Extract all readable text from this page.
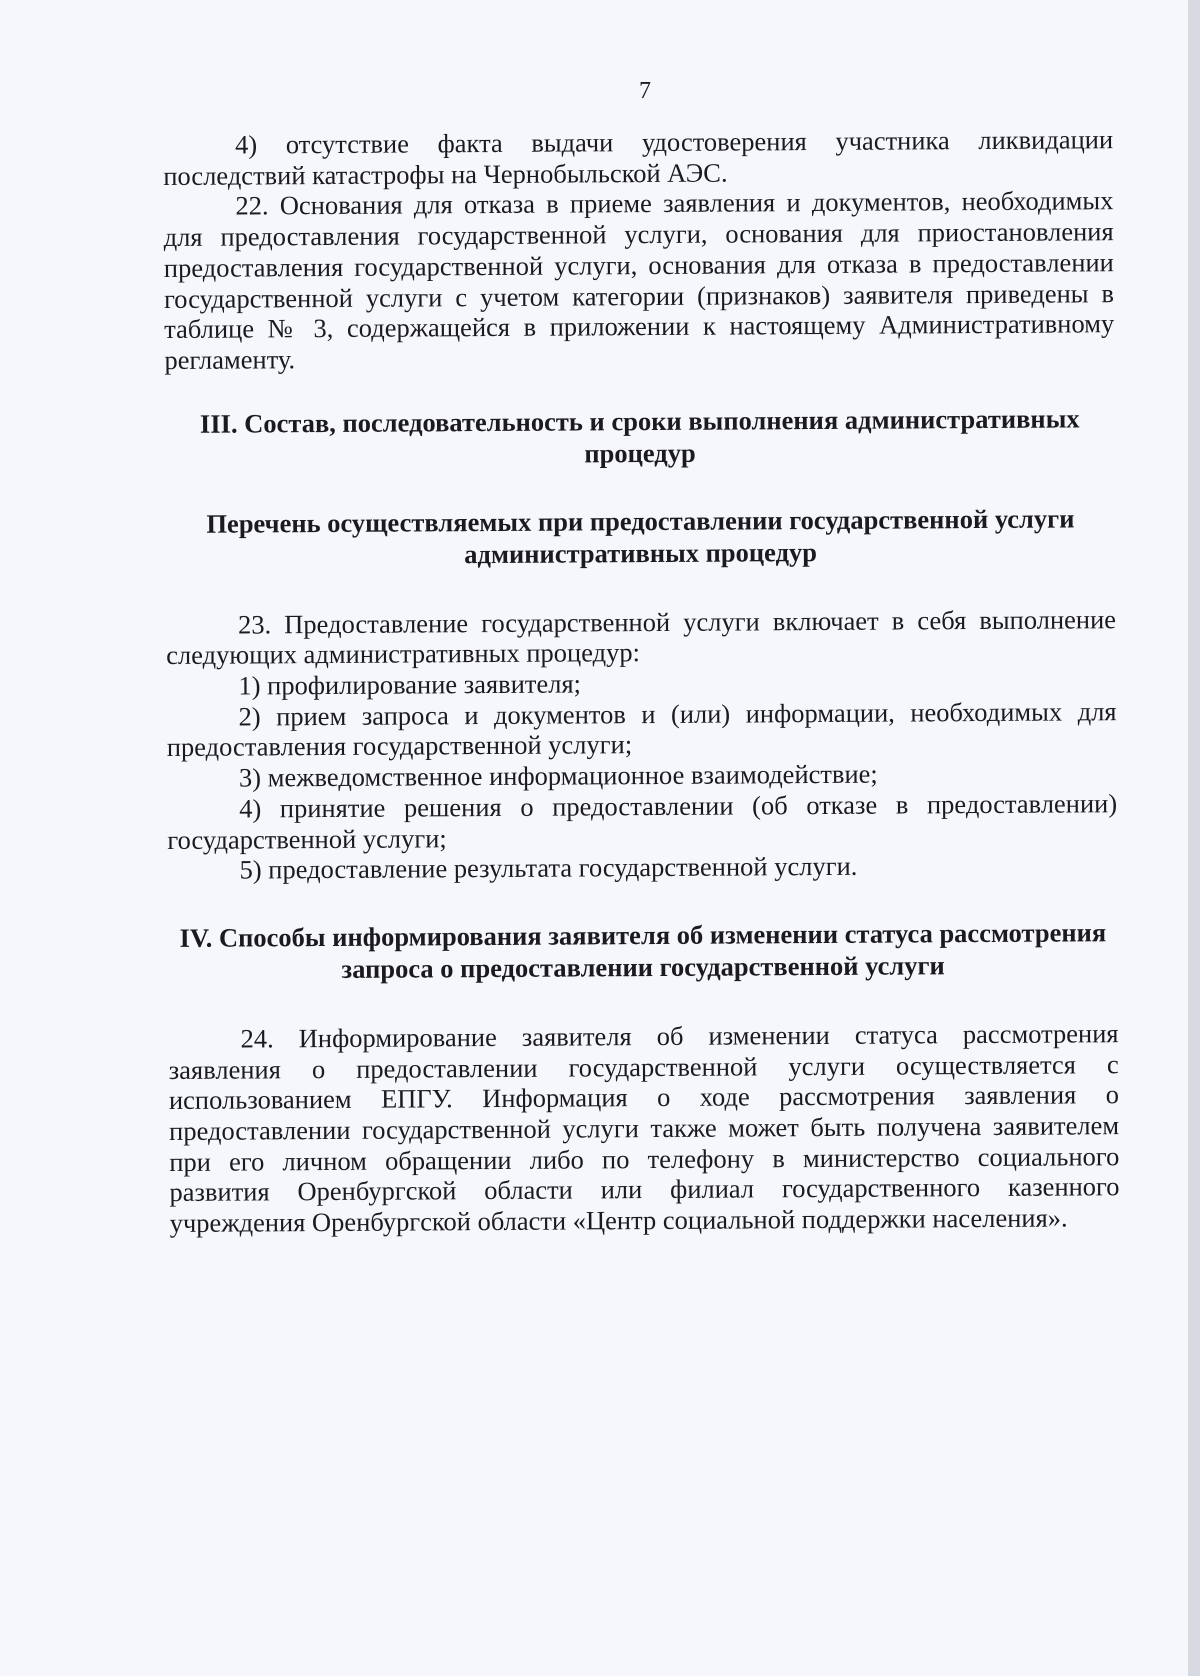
7

4) отсутствие факта выдачи удостоверения участника ликвидации последствий катастрофы на Чернобыльской АЭС.

22. Основания для отказа в приеме заявления и документов, необходимых для предоставления государственной услуги, основания для приостановления предоставления государственной услуги, основания для отказа в предоставлении государственной услуги с учетом категории (признаков) заявителя приведены в таблице № 3, содержащейся в приложении к настоящему Административному регламенту.

III. Состав, последовательность и сроки выполнения административных процедур

Перечень осуществляемых при предоставлении государственной услуги административных процедур

23. Предоставление государственной услуги включает в себя выполнение следующих административных процедур:

1) профилирование заявителя;

2) прием запроса и документов и (или) информации, необходимых для предоставления государственной услуги;

3) межведомственное информационное взаимодействие;

4) принятие решения о предоставлении (об отказе в предоставлении) государственной услуги;

5) предоставление результата государственной услуги.

IV. Способы информирования заявителя об изменении статуса рассмотрения запроса о предоставлении государственной услуги

24. Информирование заявителя об изменении статуса рассмотрения заявления о предоставлении государственной услуги осуществляется с использованием ЕПГУ. Информация о ходе рассмотрения заявления о предоставлении государственной услуги также может быть получена заявителем при его личном обращении либо по телефону в министерство социального развития Оренбургской области или филиал государственного казенного учреждения Оренбургской области «Центр социальной поддержки населения».
